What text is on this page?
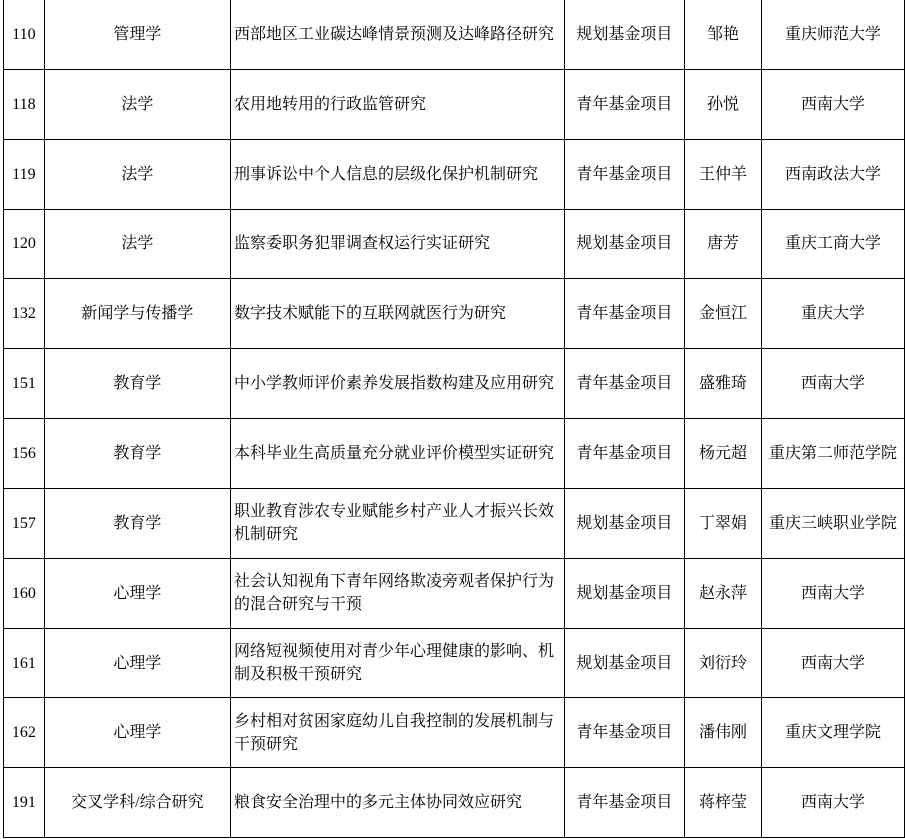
110	管理学	西部地区工业碳达峰情景预测及达峰路径研究	规划基金项目	邹艳	重庆师范大学
118	法学	农用地转用的行政监管研究	青年基金项目	孙悦	西南大学
119	法学	刑事诉讼中个人信息的层级化保护机制研究	青年基金项目	王仲羊	西南政法大学
120	法学	监察委职务犯罪调查权运行实证研究	规划基金项目	唐芳	重庆工商大学
132	新闻学与传播学	数字技术赋能下的互联网就医行为研究	青年基金项目	金恒江	重庆大学
151	教育学	中小学教师评价素养发展指数构建及应用研究	青年基金项目	盛雅琦	西南大学
156	教育学	本科毕业生高质量充分就业评价模型实证研究	青年基金项目	杨元超	重庆第二师范学院
157	教育学	职业教育涉农专业赋能乡村产业人才振兴长效机制研究	规划基金项目	丁翠娟	重庆三峡职业学院
160	心理学	社会认知视角下青年网络欺凌旁观者保护行为的混合研究与干预	规划基金项目	赵永萍	西南大学
161	心理学	网络短视频使用对青少年心理健康的影响、机制及积极干预研究	规划基金项目	刘衍玲	西南大学
162	心理学	乡村相对贫困家庭幼儿自我控制的发展机制与干预研究	青年基金项目	潘伟刚	重庆文理学院
191	交叉学科/综合研究	粮食安全治理中的多元主体协同效应研究	青年基金项目	蒋梓莹	西南大学
